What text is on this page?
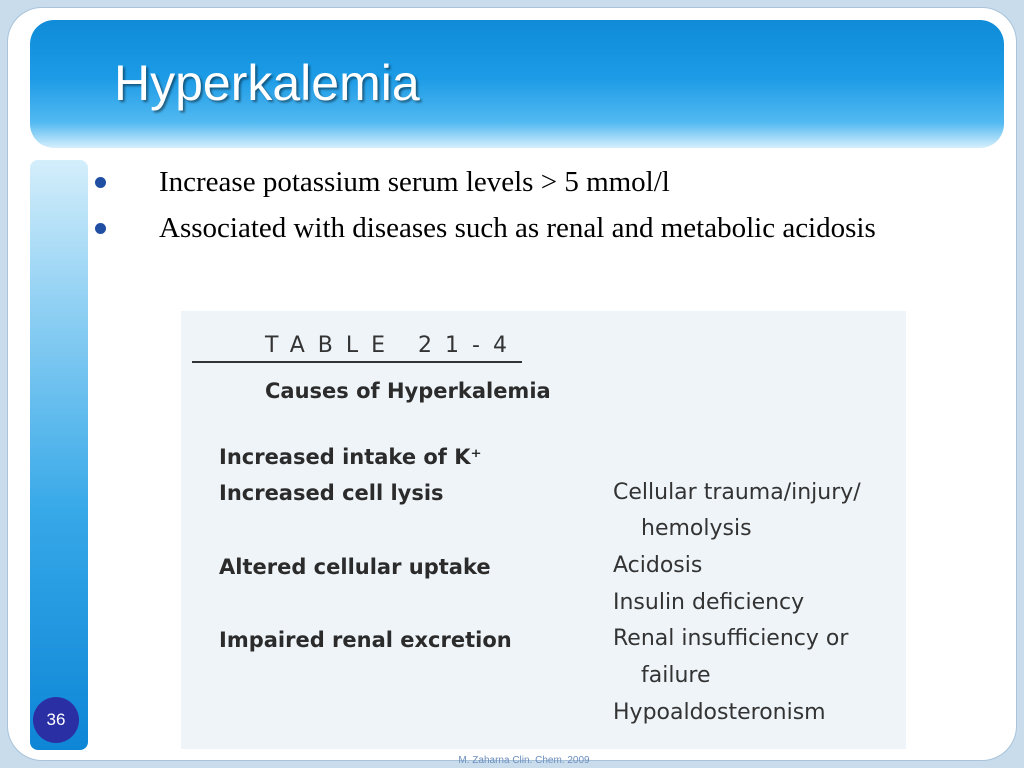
Hyperkalemia
36
Increase potassium serum levels > 5 mmol/l
Associated with diseases such as renal and metabolic acidosis
TABLE 21-4
Causes of Hyperkalemia
Increased intake of K⁺
Increased cell lysis
Altered cellular uptake
Impaired renal excretion
Cellular trauma/injury/
hemolysis
Acidosis
Insulin deficiency
Renal insufficiency or
failure
Hypoaldosteronism
M. Zaharna Clin. Chem. 2009
